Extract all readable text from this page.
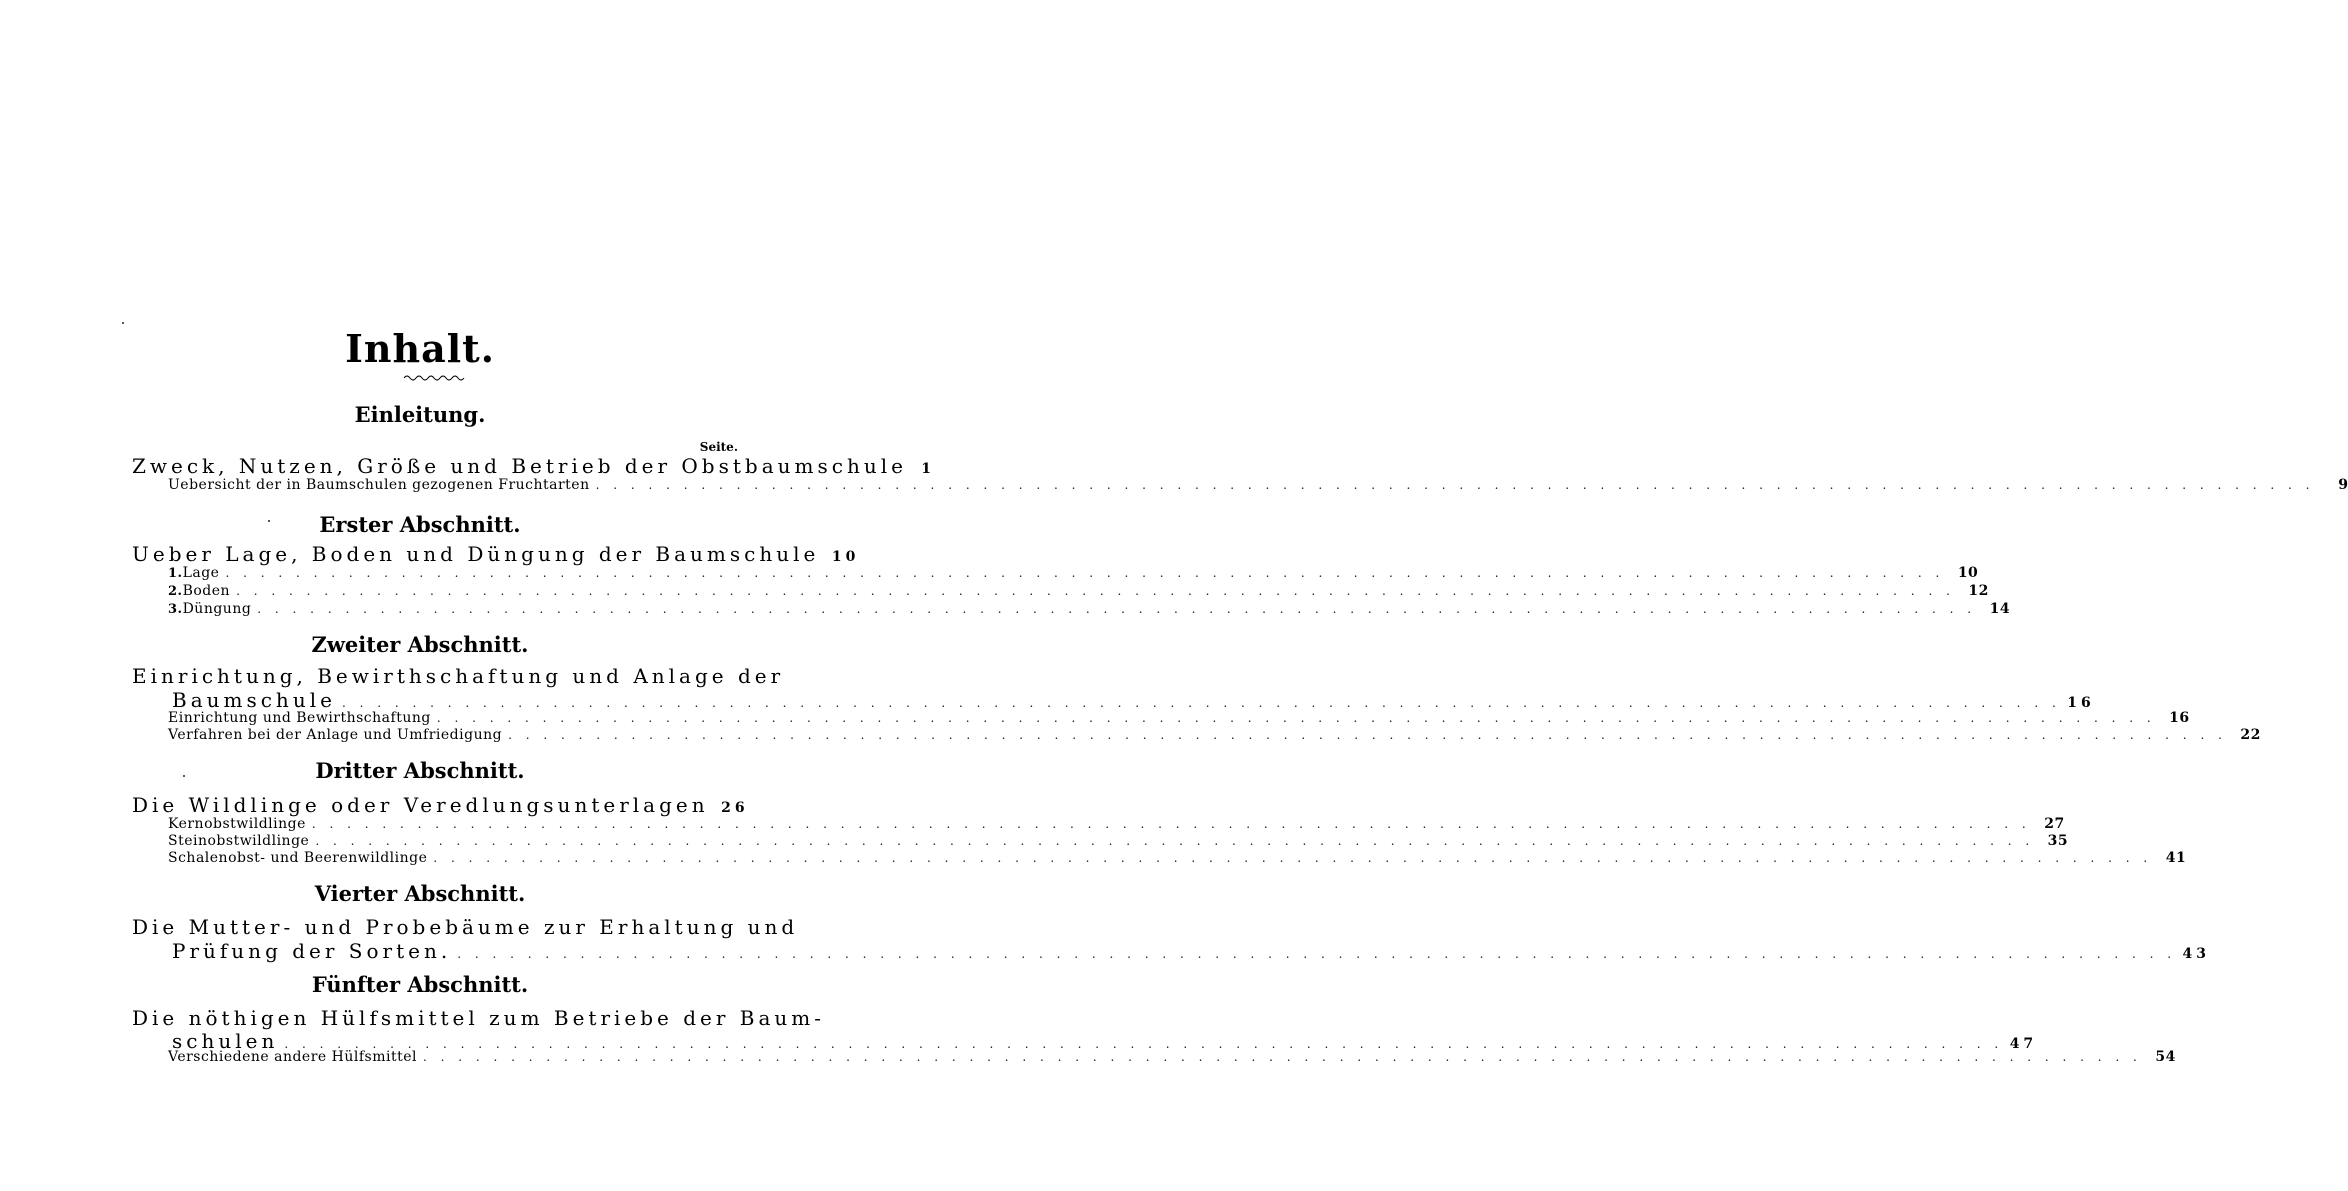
Inhalt.
Einleitung.
Seite.
Zweck, Nutzen, Größe und Betrieb der Obstbaumschule	1
Uebersicht der in Baumschulen gezogenen Fruchtarten . . .	9
Erster Abschnitt.
Ueber Lage, Boden und Düngung der Baumschule 10
1. Lage . . .	10
2. Boden . . .	12
3. Düngung . . .	14
Zweiter Abschnitt.
Einrichtung, Bewirthschaftung und Anlage der
Baumschule . . .	16
Einrichtung und Bewirthschaftung . . .	16
Verfahren bei der Anlage und Umfriedigung . . .	22
Dritter Abschnitt.
Die Wildlinge oder Veredlungsunterlagen 26
Kernobstwildlinge . . .	27
Steinobstwildlinge . . .	35
Schalenobst- und Beerenwildlinge . . .	41
Vierter Abschnitt.
Die Mutter- und Probebäume zur Erhaltung und
Prüfung der Sorten. . . .	43
Fünfter Abschnitt.
Die nöthigen Hülfsmittel zum Betriebe der Baum-
schulen . . .	47
Verschiedene andere Hülfsmittel . . .	54
